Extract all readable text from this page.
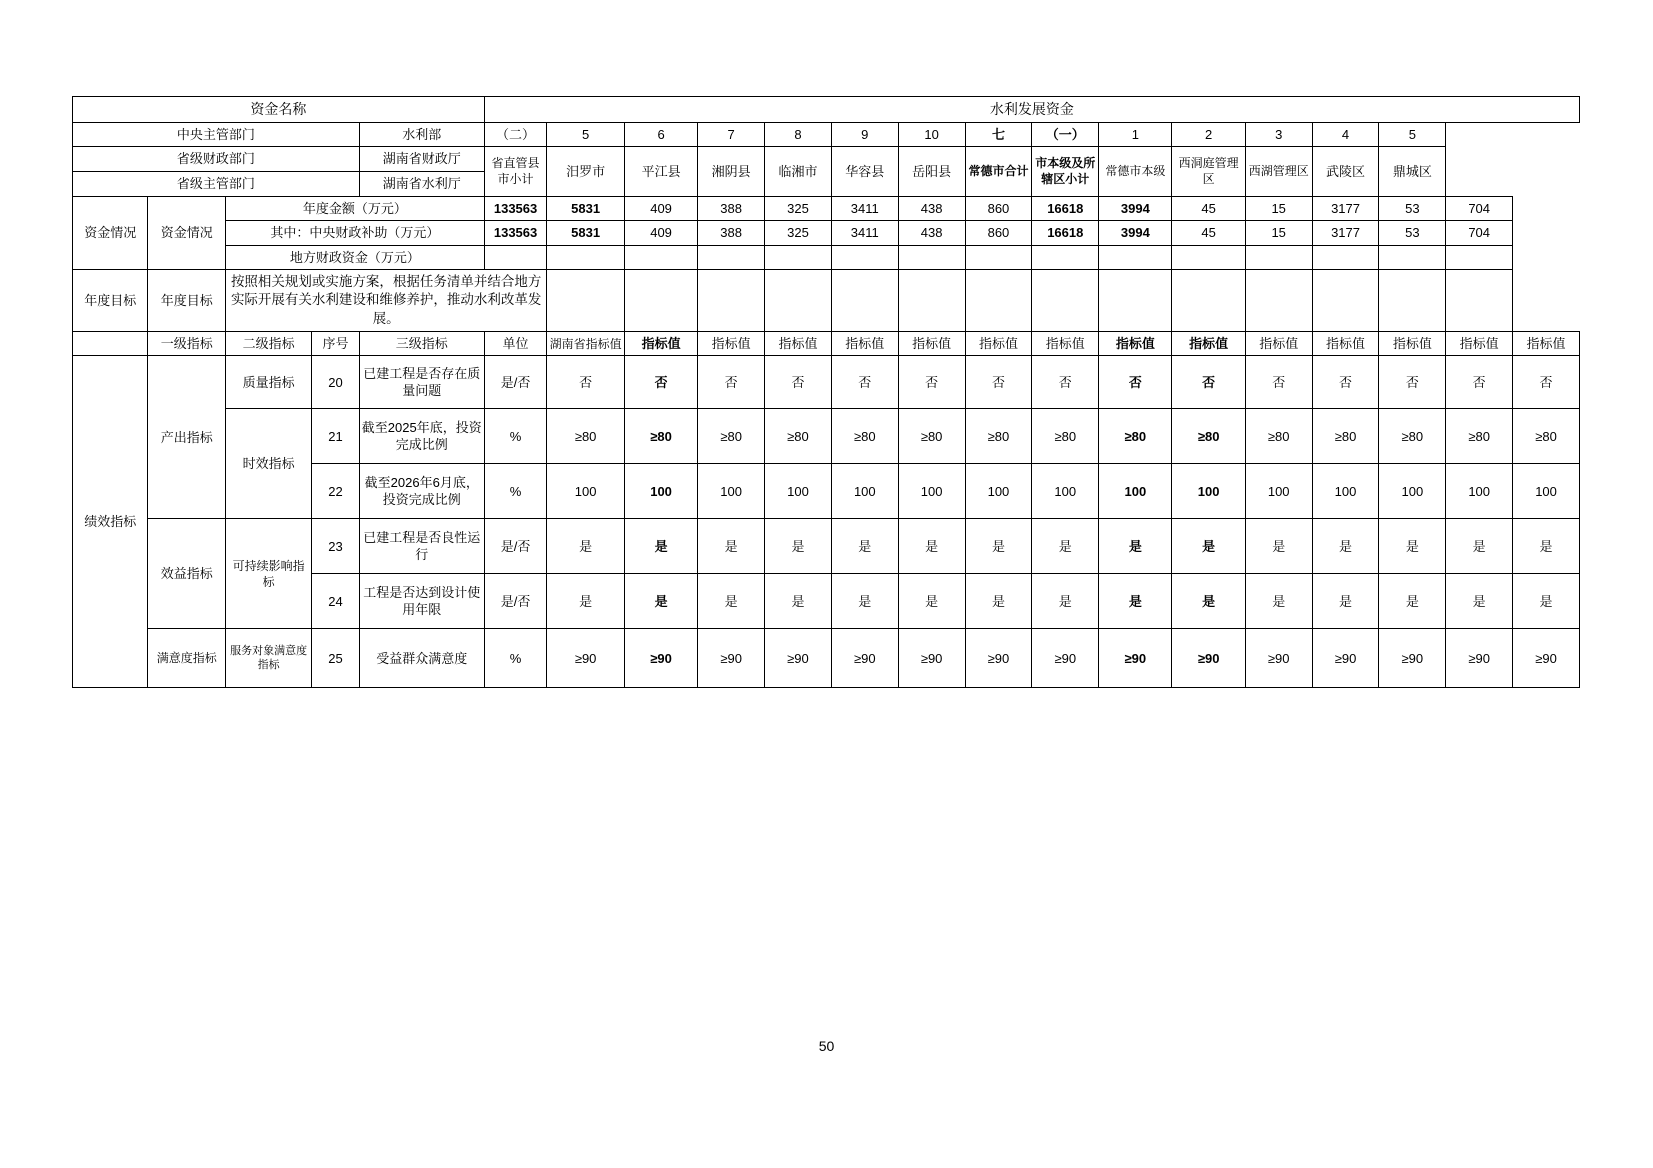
资金名称					水利发展资金															
中央主管部门				水利部	（二）	5	6	7	8	9	10	七	（一）	1	2	3	4	5		
省级财政部门				湖南省财政厅	省直管县市小计	汨罗市	平江县	湘阴县	临湘市	华容县	岳阳县	常德市合计	市本级及所辖区小计	常德市本级	西洞庭管理区	西湖管理区	武陵区	鼎城区		
省级主管部门				湖南省水利厅																
资金情况	资金情况	年度金额（万元）			133563	5831	409	388	325	3411	438	860	16618	3994	45	15	3177	53	704	
		其中：中央财政补助（万元）			133563	5831	409	388	325	3411	438	860	16618	3994	45	15	3177	53	704	
		地方财政资金（万元）																		
年度目标	年度目标	按照相关规划或实施方案，根据任务清单并结合地方实际开展有关水利建设和维修养护，推动水利改革发展。																		
	一级指标	二级指标	序号	三级指标	单位	湖南省指标值	指标值	指标值	指标值	指标值	指标值	指标值	指标值	指标值	指标值	指标值	指标值	指标值	指标值	指标值
绩效指标	产出指标	质量指标	20	已建工程是否存在质量问题	是/否	否	否	否	否	否	否	否	否	否	否	否	否	否	否	否
		时效指标	21	截至2025年底，投资完成比例	%	≥80	≥80	≥80	≥80	≥80	≥80	≥80	≥80	≥80	≥80	≥80	≥80	≥80	≥80	≥80
			22	截至2026年6月底，投资完成比例	%	100	100	100	100	100	100	100	100	100	100	100	100	100	100	100
	效益指标	可持续影响指标	23	已建工程是否良性运行	是/否	是	是	是	是	是	是	是	是	是	是	是	是	是	是	是
			24	工程是否达到设计使用年限	是/否	是	是	是	是	是	是	是	是	是	是	是	是	是	是	是
	满意度指标	服务对象满意度指标	25	受益群众满意度	%	≥90	≥90	≥90	≥90	≥90	≥90	≥90	≥90	≥90	≥90	≥90	≥90	≥90	≥90	≥90
50
